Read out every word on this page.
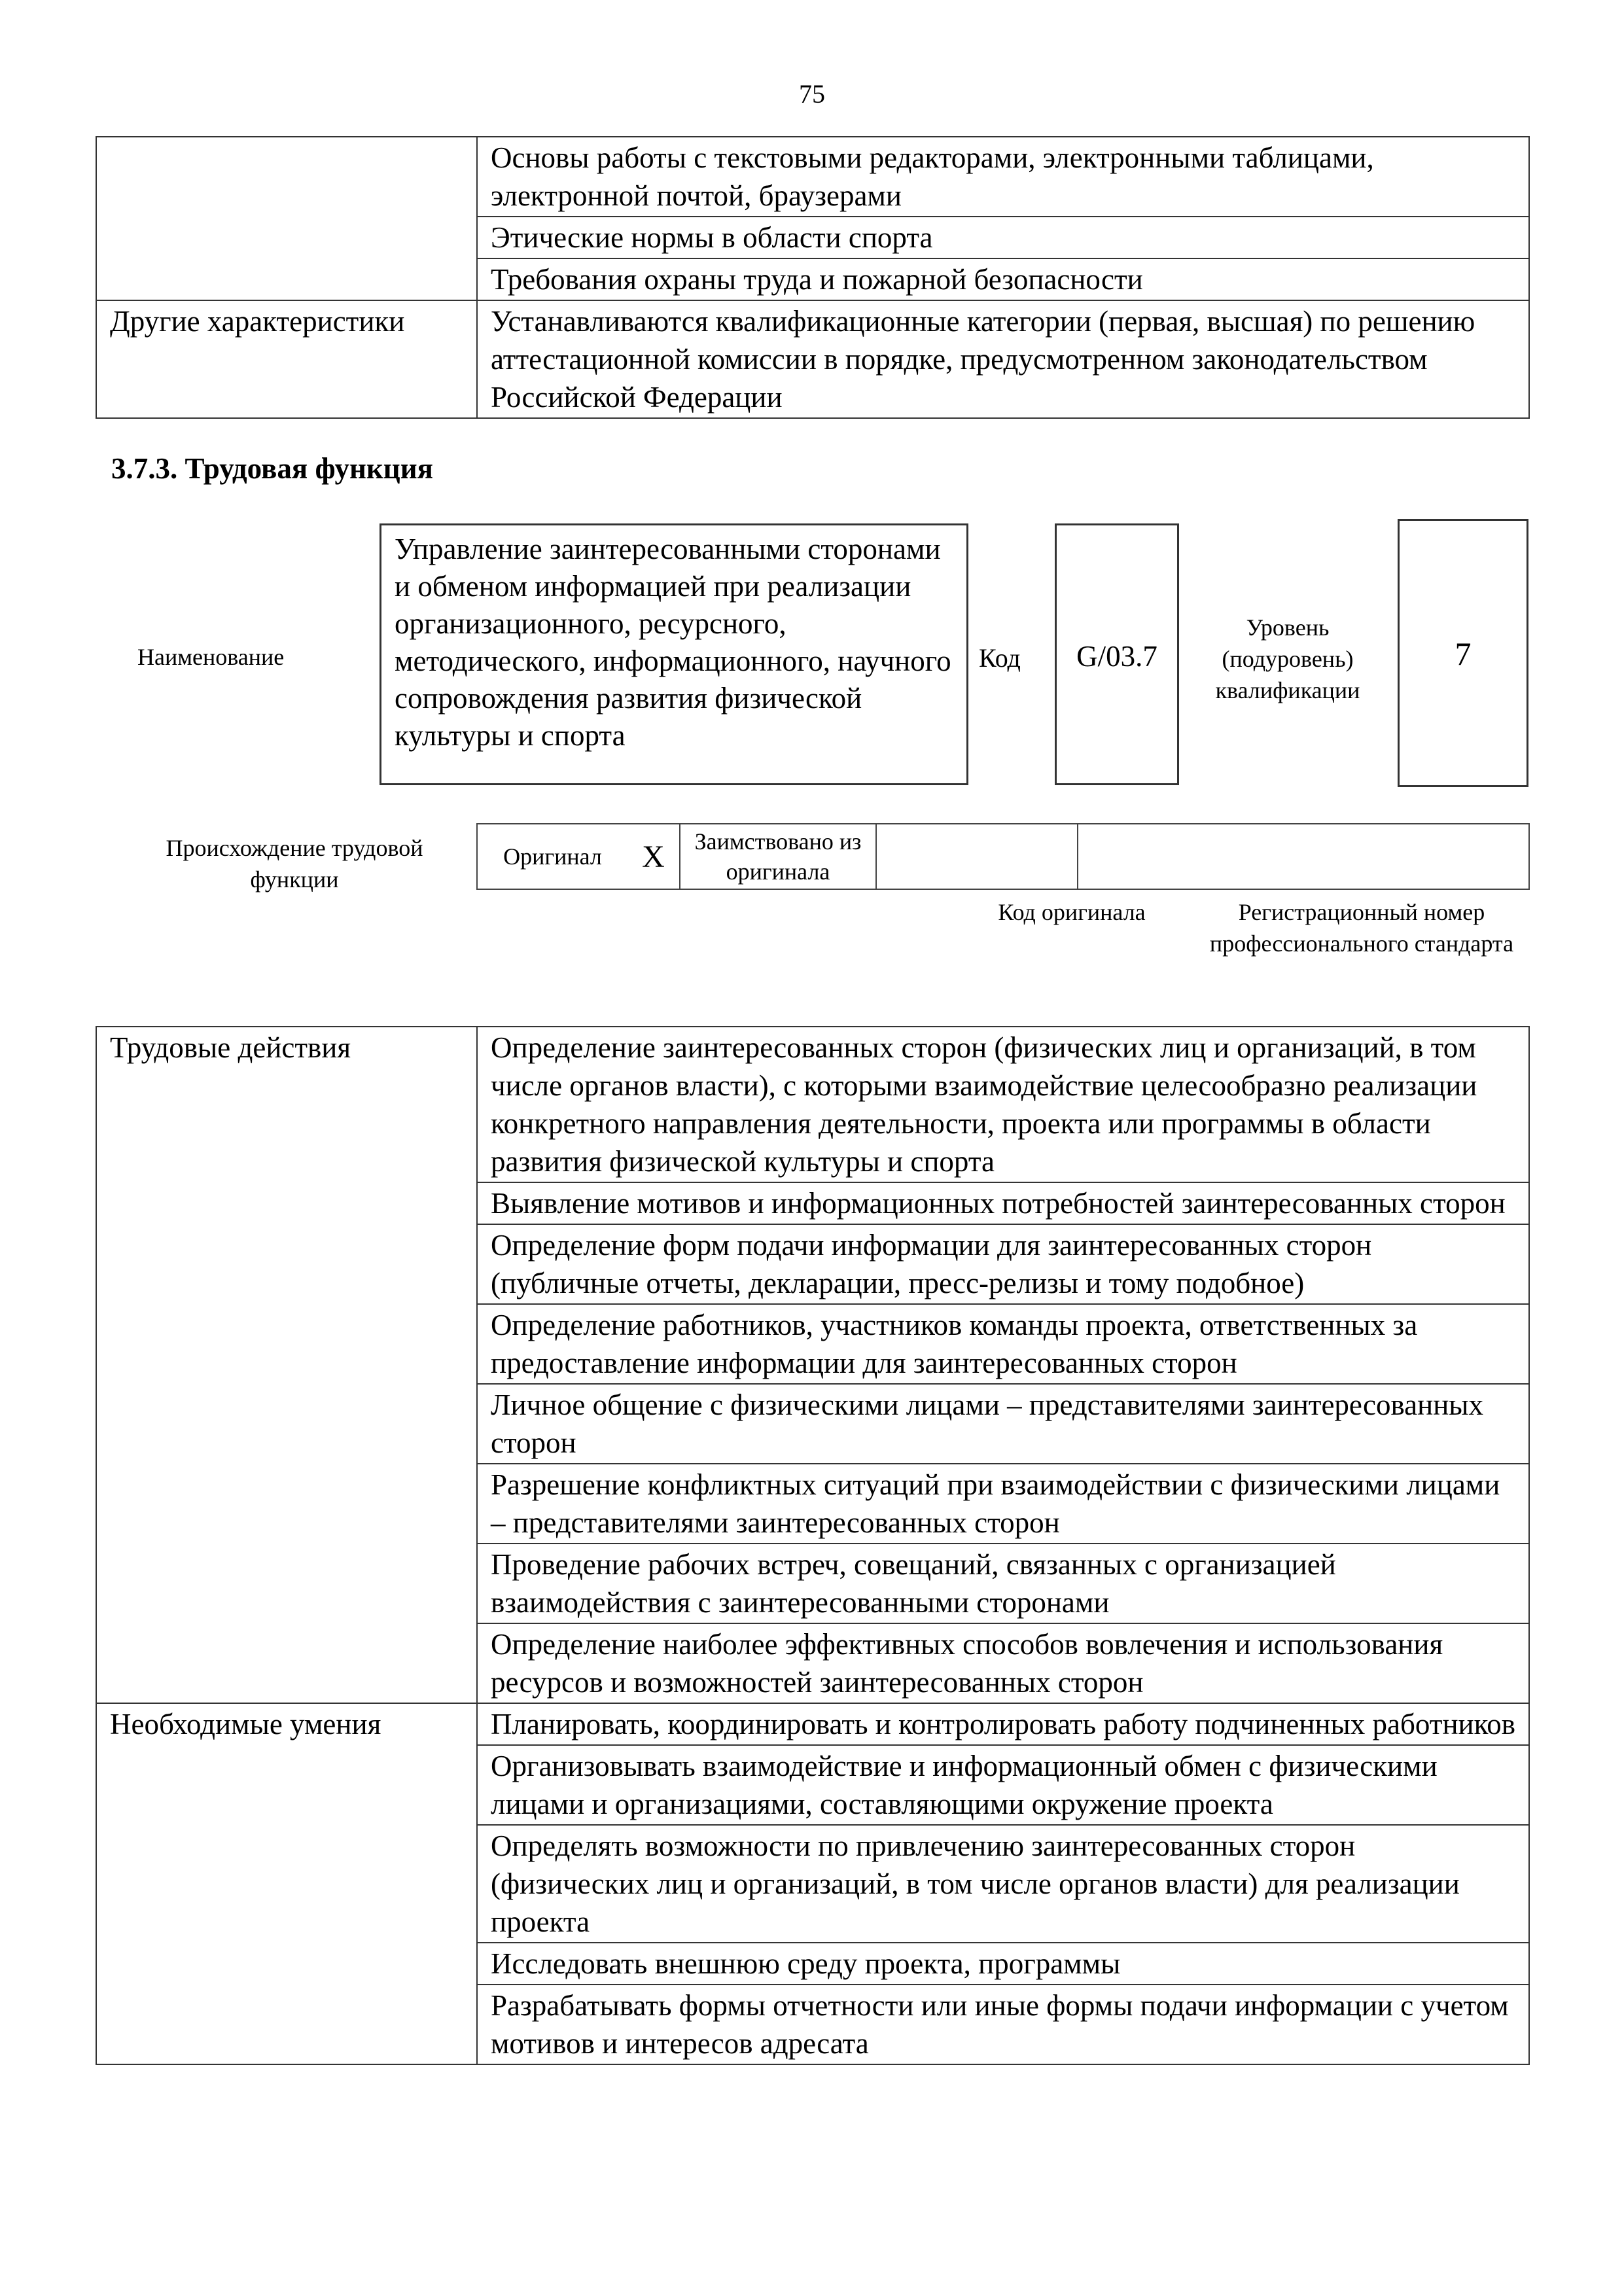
75
	Основы работы с текстовыми редакторами, электронными таблицами, электронной почтой, браузерами
	Этические нормы в области спорта
	Требования охраны труда и пожарной безопасности
Другие характеристики	Устанавливаются квалификационные категории (первая, высшая) по решению аттестационной комиссии в порядке, предусмотренном законодательством Российской Федерации
3.7.3. Трудовая функция
Наименование
Управление заинтересованными сторонами и обменом информацией при реализации организационного, ресурсного, методического, информационного, научного сопровождения развития физической культуры и спорта
Код	G/03.7
Уровень (подуровень) квалификации
7
Происхождение трудовой функции
Оригинал	X	Заимствовано из оригинала		
Код оригинала	Регистрационный номер профессионального стандарта
Трудовые действия	Определение заинтересованных сторон (физических лиц и организаций, в том числе органов власти), с которыми взаимодействие целесообразно реализации конкретного направления деятельности, проекта или программы в области развития физической культуры и спорта
	Выявление мотивов и информационных потребностей заинтересованных сторон
	Определение форм подачи информации для заинтересованных сторон (публичные отчеты, декларации, пресс-релизы и тому подобное)
	Определение работников, участников команды проекта, ответственных за предоставление информации для заинтересованных сторон
	Личное общение с физическими лицами – представителями заинтересованных сторон
	Разрешение конфликтных ситуаций при взаимодействии с физическими лицами – представителями заинтересованных сторон
	Проведение рабочих встреч, совещаний, связанных с организацией взаимодействия с заинтересованными сторонами
	Определение наиболее эффективных способов вовлечения и использования ресурсов и возможностей заинтересованных сторон
Необходимые умения	Планировать, координировать и контролировать работу подчиненных работников
	Организовывать взаимодействие и информационный обмен с физическими лицами и организациями, составляющими окружение проекта
	Определять возможности по привлечению заинтересованных сторон (физических лиц и организаций, в том числе органов власти) для реализации проекта
	Исследовать внешнюю среду проекта, программы
	Разрабатывать формы отчетности или иные формы подачи информации с учетом мотивов и интересов адресата
